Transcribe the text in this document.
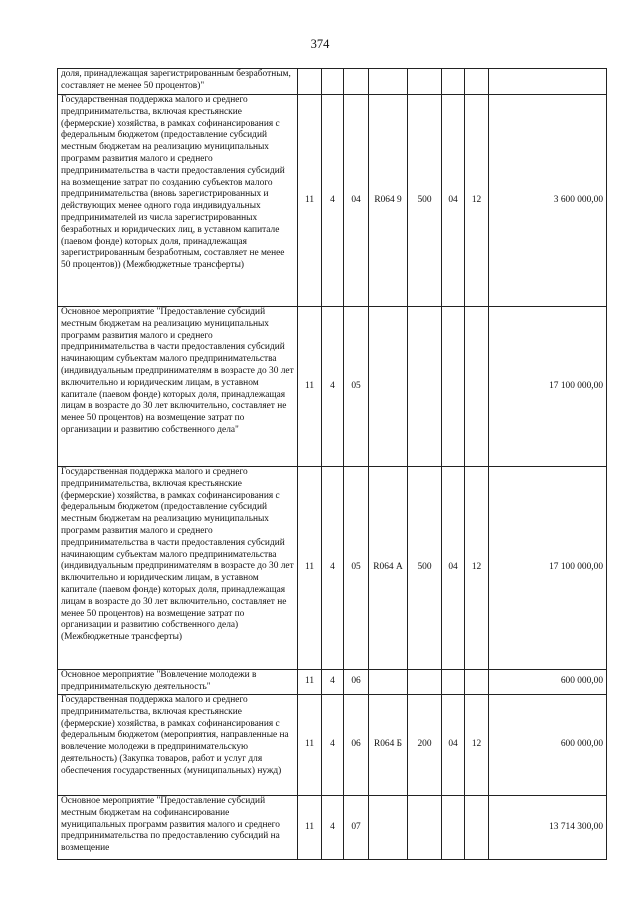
374
доля, принадлежащая зарегистрированным безработным, составляет не менее 50 процентов)"								
Государственная поддержка малого и среднего предпринимательства, включая крестьянские (фермерские) хозяйства, в рамках софинансирования с федеральным бюджетом (предоставление субсидий местным бюджетам на реализацию муниципальных программ развития малого и среднего предпринимательства в части предоставления субсидий на возмещение затрат по созданию субъектов малого предпринимательства (вновь зарегистрированных и действующих менее одного года индивидуальных предпринимателей из числа зарегистрированных безработных и юридических лиц, в уставном капитале (паевом фонде) которых доля, принадлежащая зарегистрированным безработным, составляет не менее 50 процентов)) (Межбюджетные трансферты)	11	4	04	R064 9	500	04	12	3 600 000,00
Основное мероприятие "Предоставление субсидий местным бюджетам на реализацию муниципальных программ развития малого и среднего предпринимательства в части предоставления субсидий начинающим субъектам малого предпринимательства (индивидуальным предпринимателям в возрасте до 30 лет включительно и юридическим лицам, в уставном капитале (паевом фонде) которых доля, принадлежащая лицам в возрасте до 30 лет включительно, составляет не менее 50 процентов) на возмещение затрат по организации и развитию собственного дела"	11	4	05					17 100 000,00
Государственная поддержка малого и среднего предпринимательства, включая крестьянские (фермерские) хозяйства, в рамках софинансирования с федеральным бюджетом (предоставление субсидий местным бюджетам на реализацию муниципальных программ развития малого и среднего предпринимательства в части предоставления субсидий начинающим субъектам малого предпринимательства (индивидуальным предпринимателям в возрасте до 30 лет включительно и юридическим лицам, в уставном капитале (паевом фонде) которых доля, принадлежащая лицам в возрасте до 30 лет включительно, составляет не менее 50 процентов) на возмещение затрат по организации и развитию собственного дела) (Межбюджетные трансферты)	11	4	05	R064 А	500	04	12	17 100 000,00
Основное мероприятие "Вовлечение молодежи в предпринимательскую деятельность"	11	4	06					600 000,00
Государственная поддержка малого и среднего предпринимательства, включая крестьянские (фермерские) хозяйства, в рамках софинансирования с федеральным бюджетом (мероприятия, направленные на вовлечение молодежи в предпринимательскую деятельность) (Закупка товаров, работ и услуг для обеспечения государственных (муниципальных) нужд)	11	4	06	R064 Б	200	04	12	600 000,00
Основное мероприятие "Предоставление субсидий местным бюджетам на софинансирование муниципальных программ развития малого и среднего предпринимательства по предоставлению субсидий на возмещение	11	4	07					13 714 300,00
